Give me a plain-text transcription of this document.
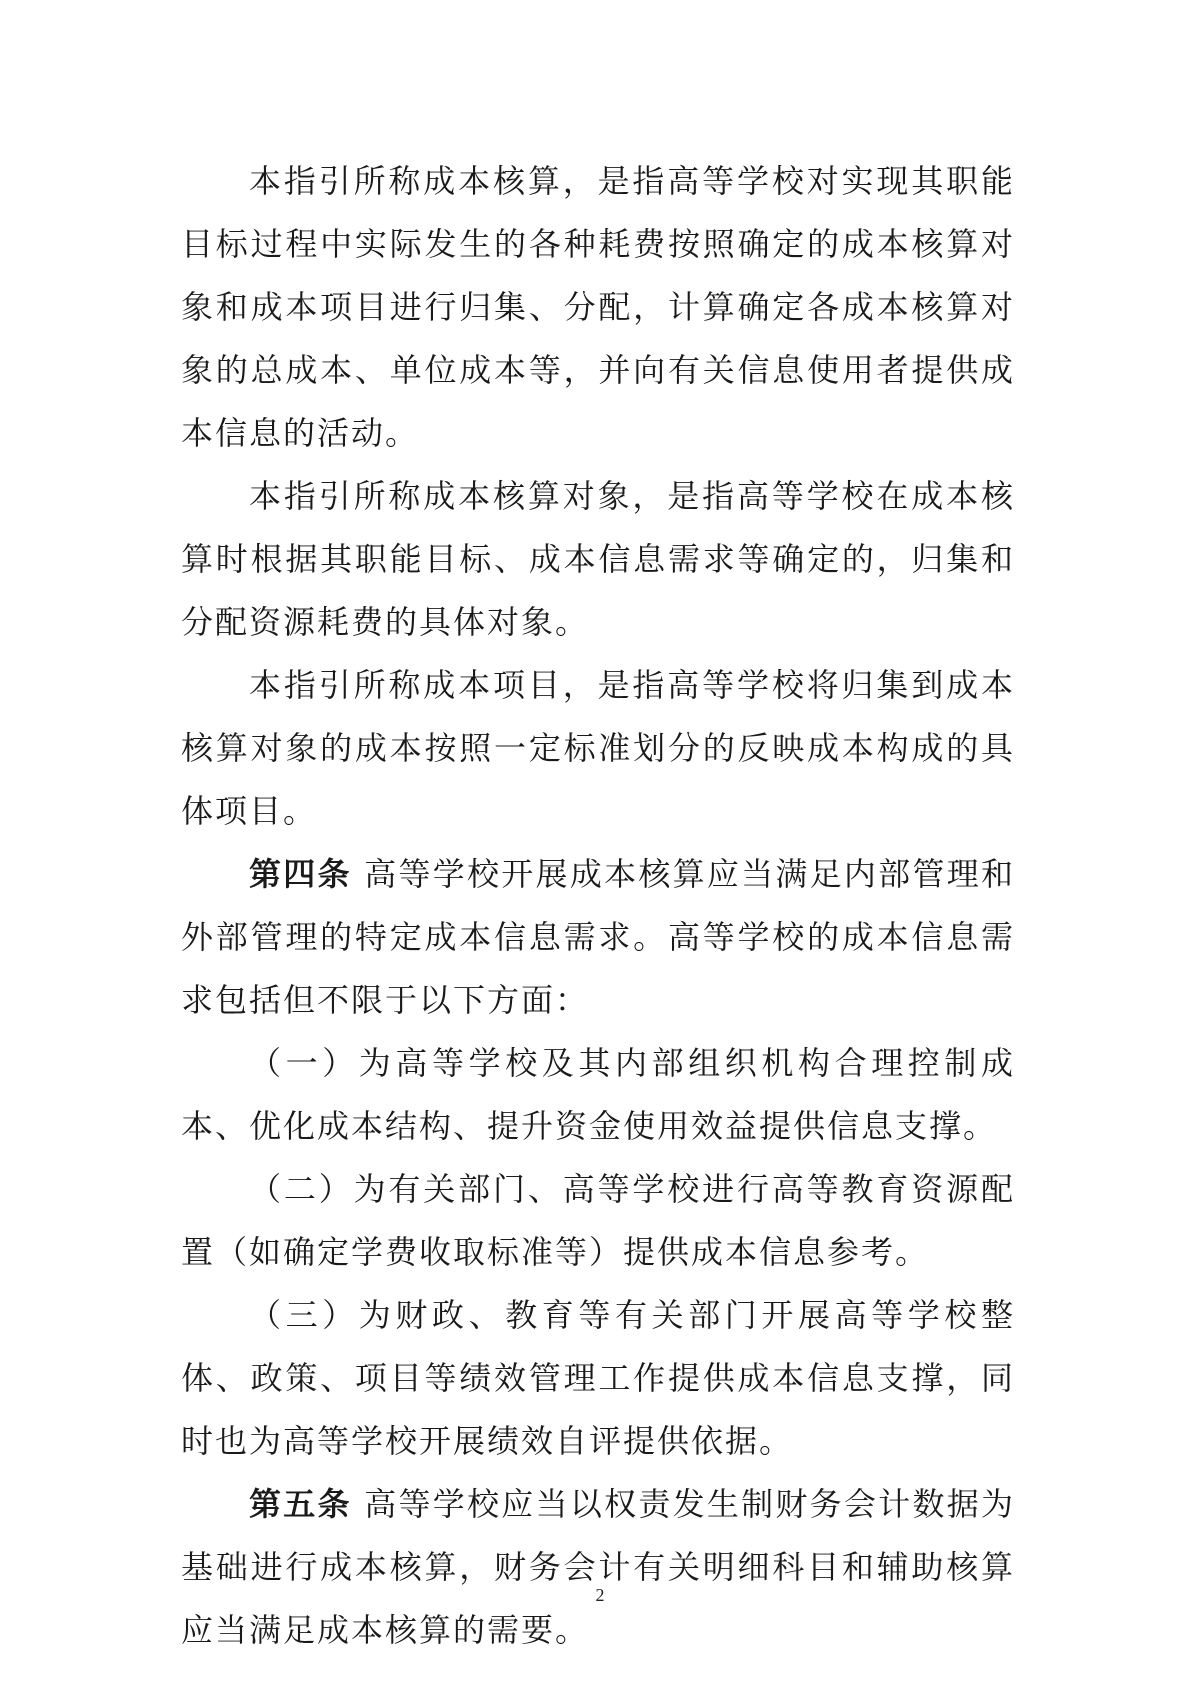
本指引所称成本核算，是指高等学校对实现其职能目标过程中实际发生的各种耗费按照确定的成本核算对象和成本项目进行归集、分配，计算确定各成本核算对象的总成本、单位成本等，并向有关信息使用者提供成本信息的活动。

本指引所称成本核算对象，是指高等学校在成本核算时根据其职能目标、成本信息需求等确定的，归集和分配资源耗费的具体对象。

本指引所称成本项目，是指高等学校将归集到成本核算对象的成本按照一定标准划分的反映成本构成的具体项目。

第四条 高等学校开展成本核算应当满足内部管理和外部管理的特定成本信息需求。高等学校的成本信息需求包括但不限于以下方面：

（一）为高等学校及其内部组织机构合理控制成本、优化成本结构、提升资金使用效益提供信息支撑。

（二）为有关部门、高等学校进行高等教育资源配置（如确定学费收取标准等）提供成本信息参考。

（三）为财政、教育等有关部门开展高等学校整体、政策、项目等绩效管理工作提供成本信息支撑，同时也为高等学校开展绩效自评提供依据。

第五条 高等学校应当以权责发生制财务会计数据为基础进行成本核算，财务会计有关明细科目和辅助核算应当满足成本核算的需要。

2
